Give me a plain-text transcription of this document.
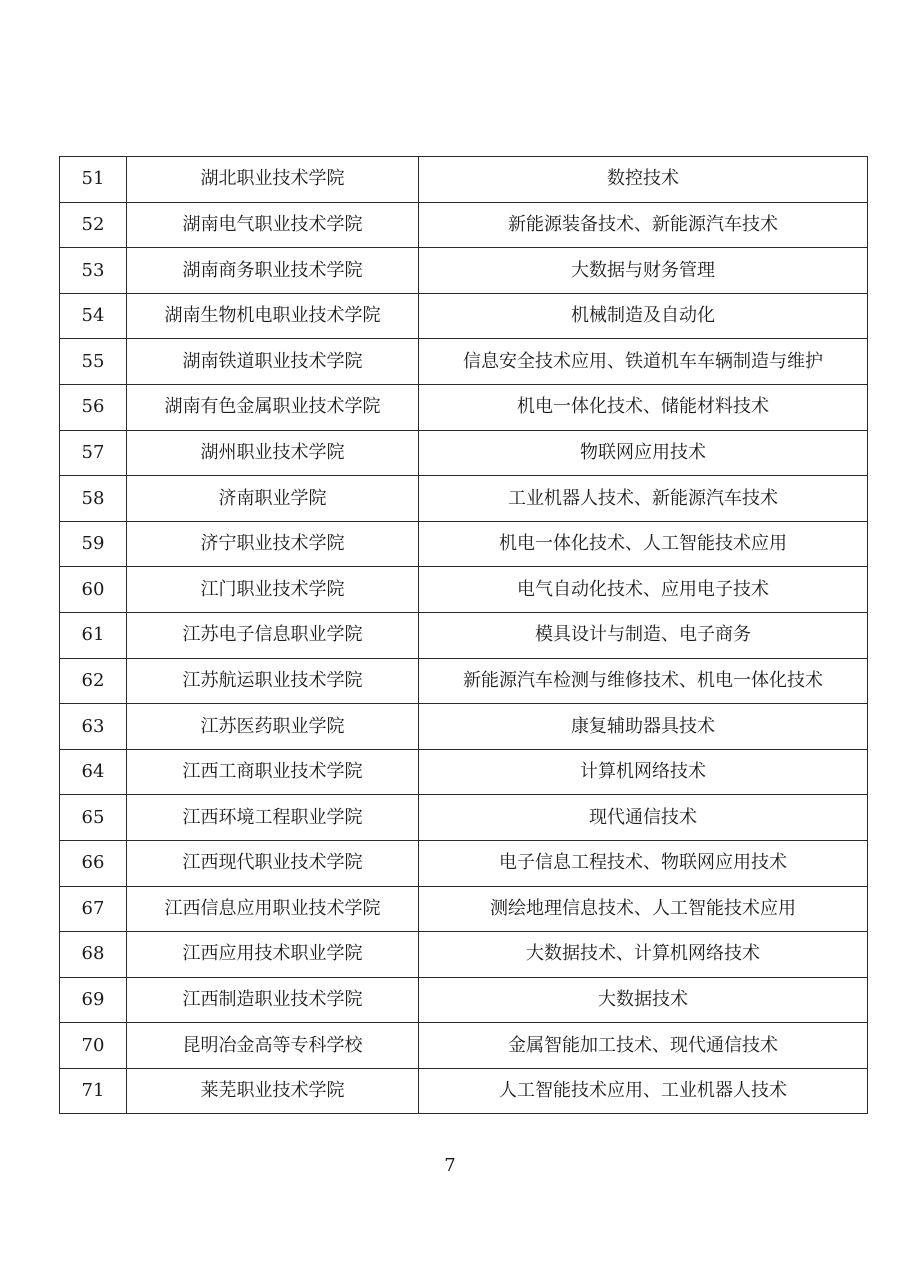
51	湖北职业技术学院	数控技术
52	湖南电气职业技术学院	新能源装备技术、新能源汽车技术
53	湖南商务职业技术学院	大数据与财务管理
54	湖南生物机电职业技术学院	机械制造及自动化
55	湖南铁道职业技术学院	信息安全技术应用、铁道机车车辆制造与维护
56	湖南有色金属职业技术学院	机电一体化技术、储能材料技术
57	湖州职业技术学院	物联网应用技术
58	济南职业学院	工业机器人技术、新能源汽车技术
59	济宁职业技术学院	机电一体化技术、人工智能技术应用
60	江门职业技术学院	电气自动化技术、应用电子技术
61	江苏电子信息职业学院	模具设计与制造、电子商务
62	江苏航运职业技术学院	新能源汽车检测与维修技术、机电一体化技术
63	江苏医药职业学院	康复辅助器具技术
64	江西工商职业技术学院	计算机网络技术
65	江西环境工程职业学院	现代通信技术
66	江西现代职业技术学院	电子信息工程技术、物联网应用技术
67	江西信息应用职业技术学院	测绘地理信息技术、人工智能技术应用
68	江西应用技术职业学院	大数据技术、计算机网络技术
69	江西制造职业技术学院	大数据技术
70	昆明冶金高等专科学校	金属智能加工技术、现代通信技术
71	莱芜职业技术学院	人工智能技术应用、工业机器人技术
7
